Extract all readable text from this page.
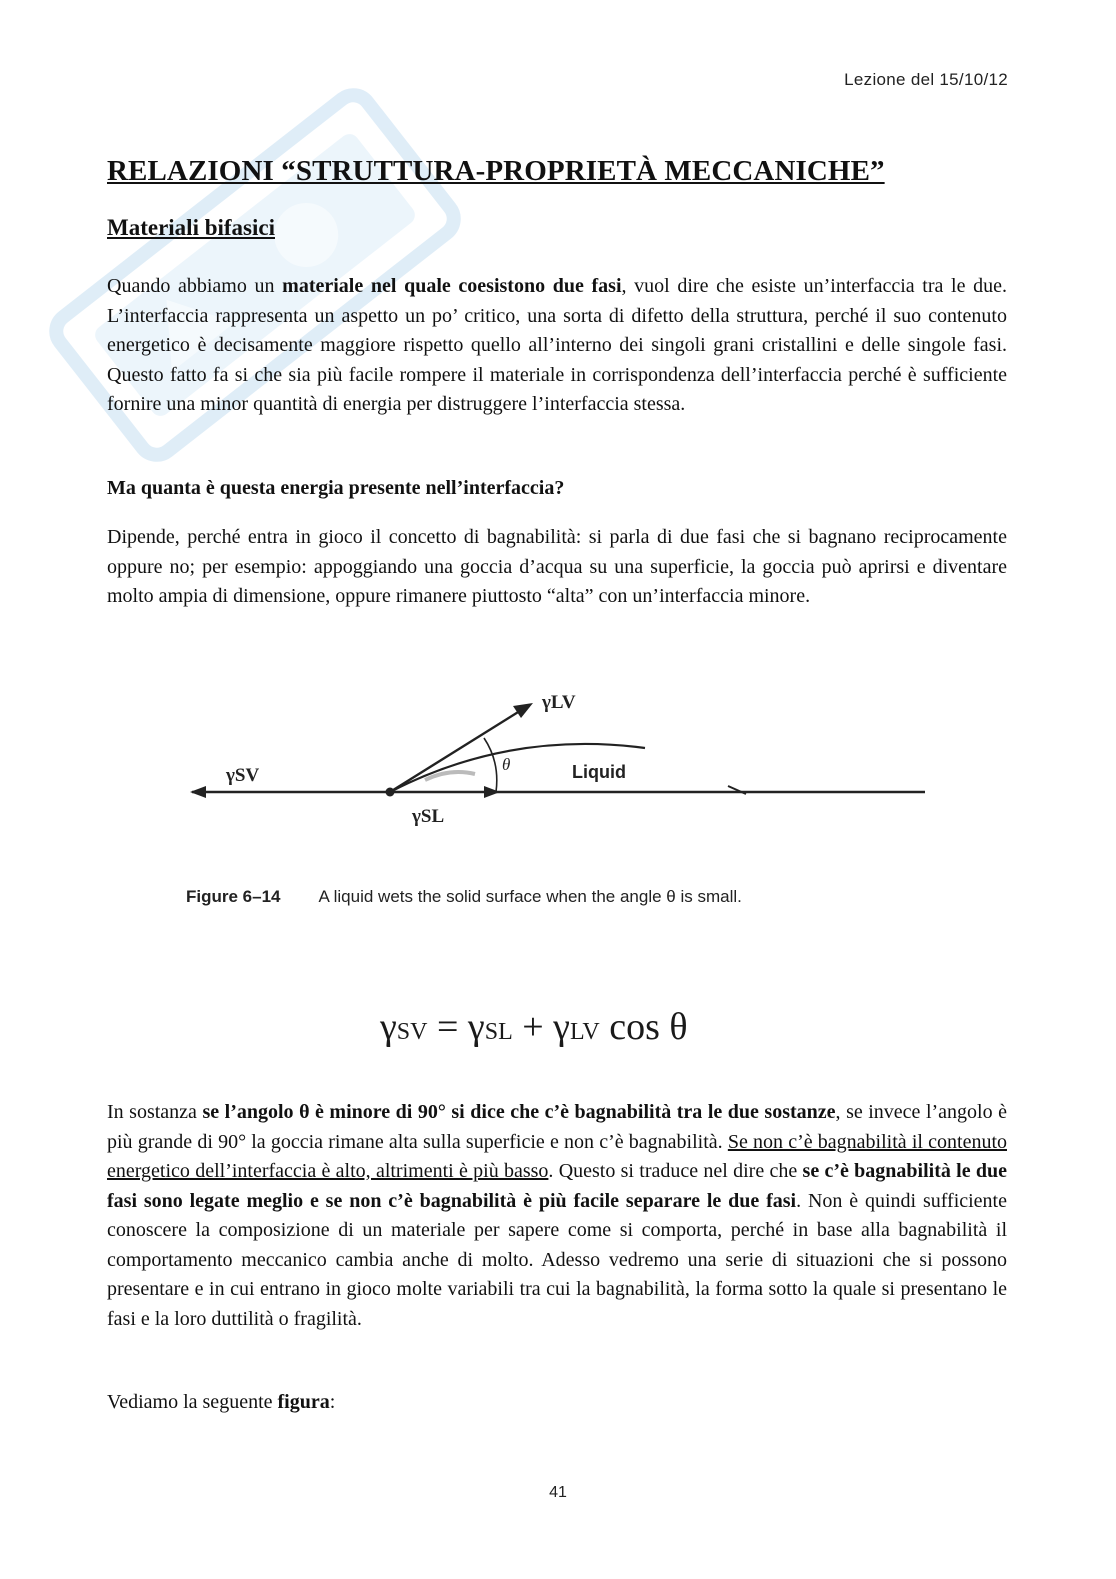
Lezione del 15/10/12
RELAZIONI “STRUTTURA-PROPRIETÀ MECCANICHE”
Materiali bifasici

Quando abbiamo un materiale nel quale coesistono due fasi, vuol dire che esiste un’interfaccia tra le due. L’interfaccia rappresenta un aspetto un po’ critico, una sorta di difetto della struttura, perché il suo contenuto energetico è decisamente maggiore rispetto quello all’interno dei singoli grani cristallini e delle singole fasi. Questo fatto fa si che sia più facile rompere il materiale in corrispondenza dell’interfaccia perché è sufficiente fornire una minor quantità di energia per distruggere l’interfaccia stessa.

Ma quanta è questa energia presente nell’interfaccia?

Dipende, perché entra in gioco il concetto di bagnabilità: si parla di due fasi che si bagnano reciprocamente oppure no; per esempio: appoggiando una goccia d’acqua su una superficie, la goccia può aprirsi e diventare molto ampia di dimensione, oppure rimanere piuttosto “alta” con un’interfaccia minore.

γLV
γSV
γSL
θ	Liquid
Figure 6–14 A liquid wets the solid surface when the angle θ is small.
γSV = γSL + γLV cos θ

In sostanza se l’angolo θ è minore di 90° si dice che c’è bagnabilità tra le due sostanze, se invece l’angolo è più grande di 90° la goccia rimane alta sulla superficie e non c’è bagnabilità. Se non c’è bagnabilità il contenuto energetico dell’interfaccia è alto, altrimenti è più basso. Questo si traduce nel dire che se c’è bagnabilità le due fasi sono legate meglio e se non c’è bagnabilità è più facile separare le due fasi. Non è quindi sufficiente conoscere la composizione di un materiale per sapere come si comporta, perché in base alla bagnabilità il comportamento meccanico cambia anche di molto. Adesso vedremo una serie di situazioni che si possono presentare e in cui entrano in gioco molte variabili tra cui la bagnabilità, la forma sotto la quale si presentano le fasi e la loro duttilità o fragilità.

Vediamo la seguente figura:

41
